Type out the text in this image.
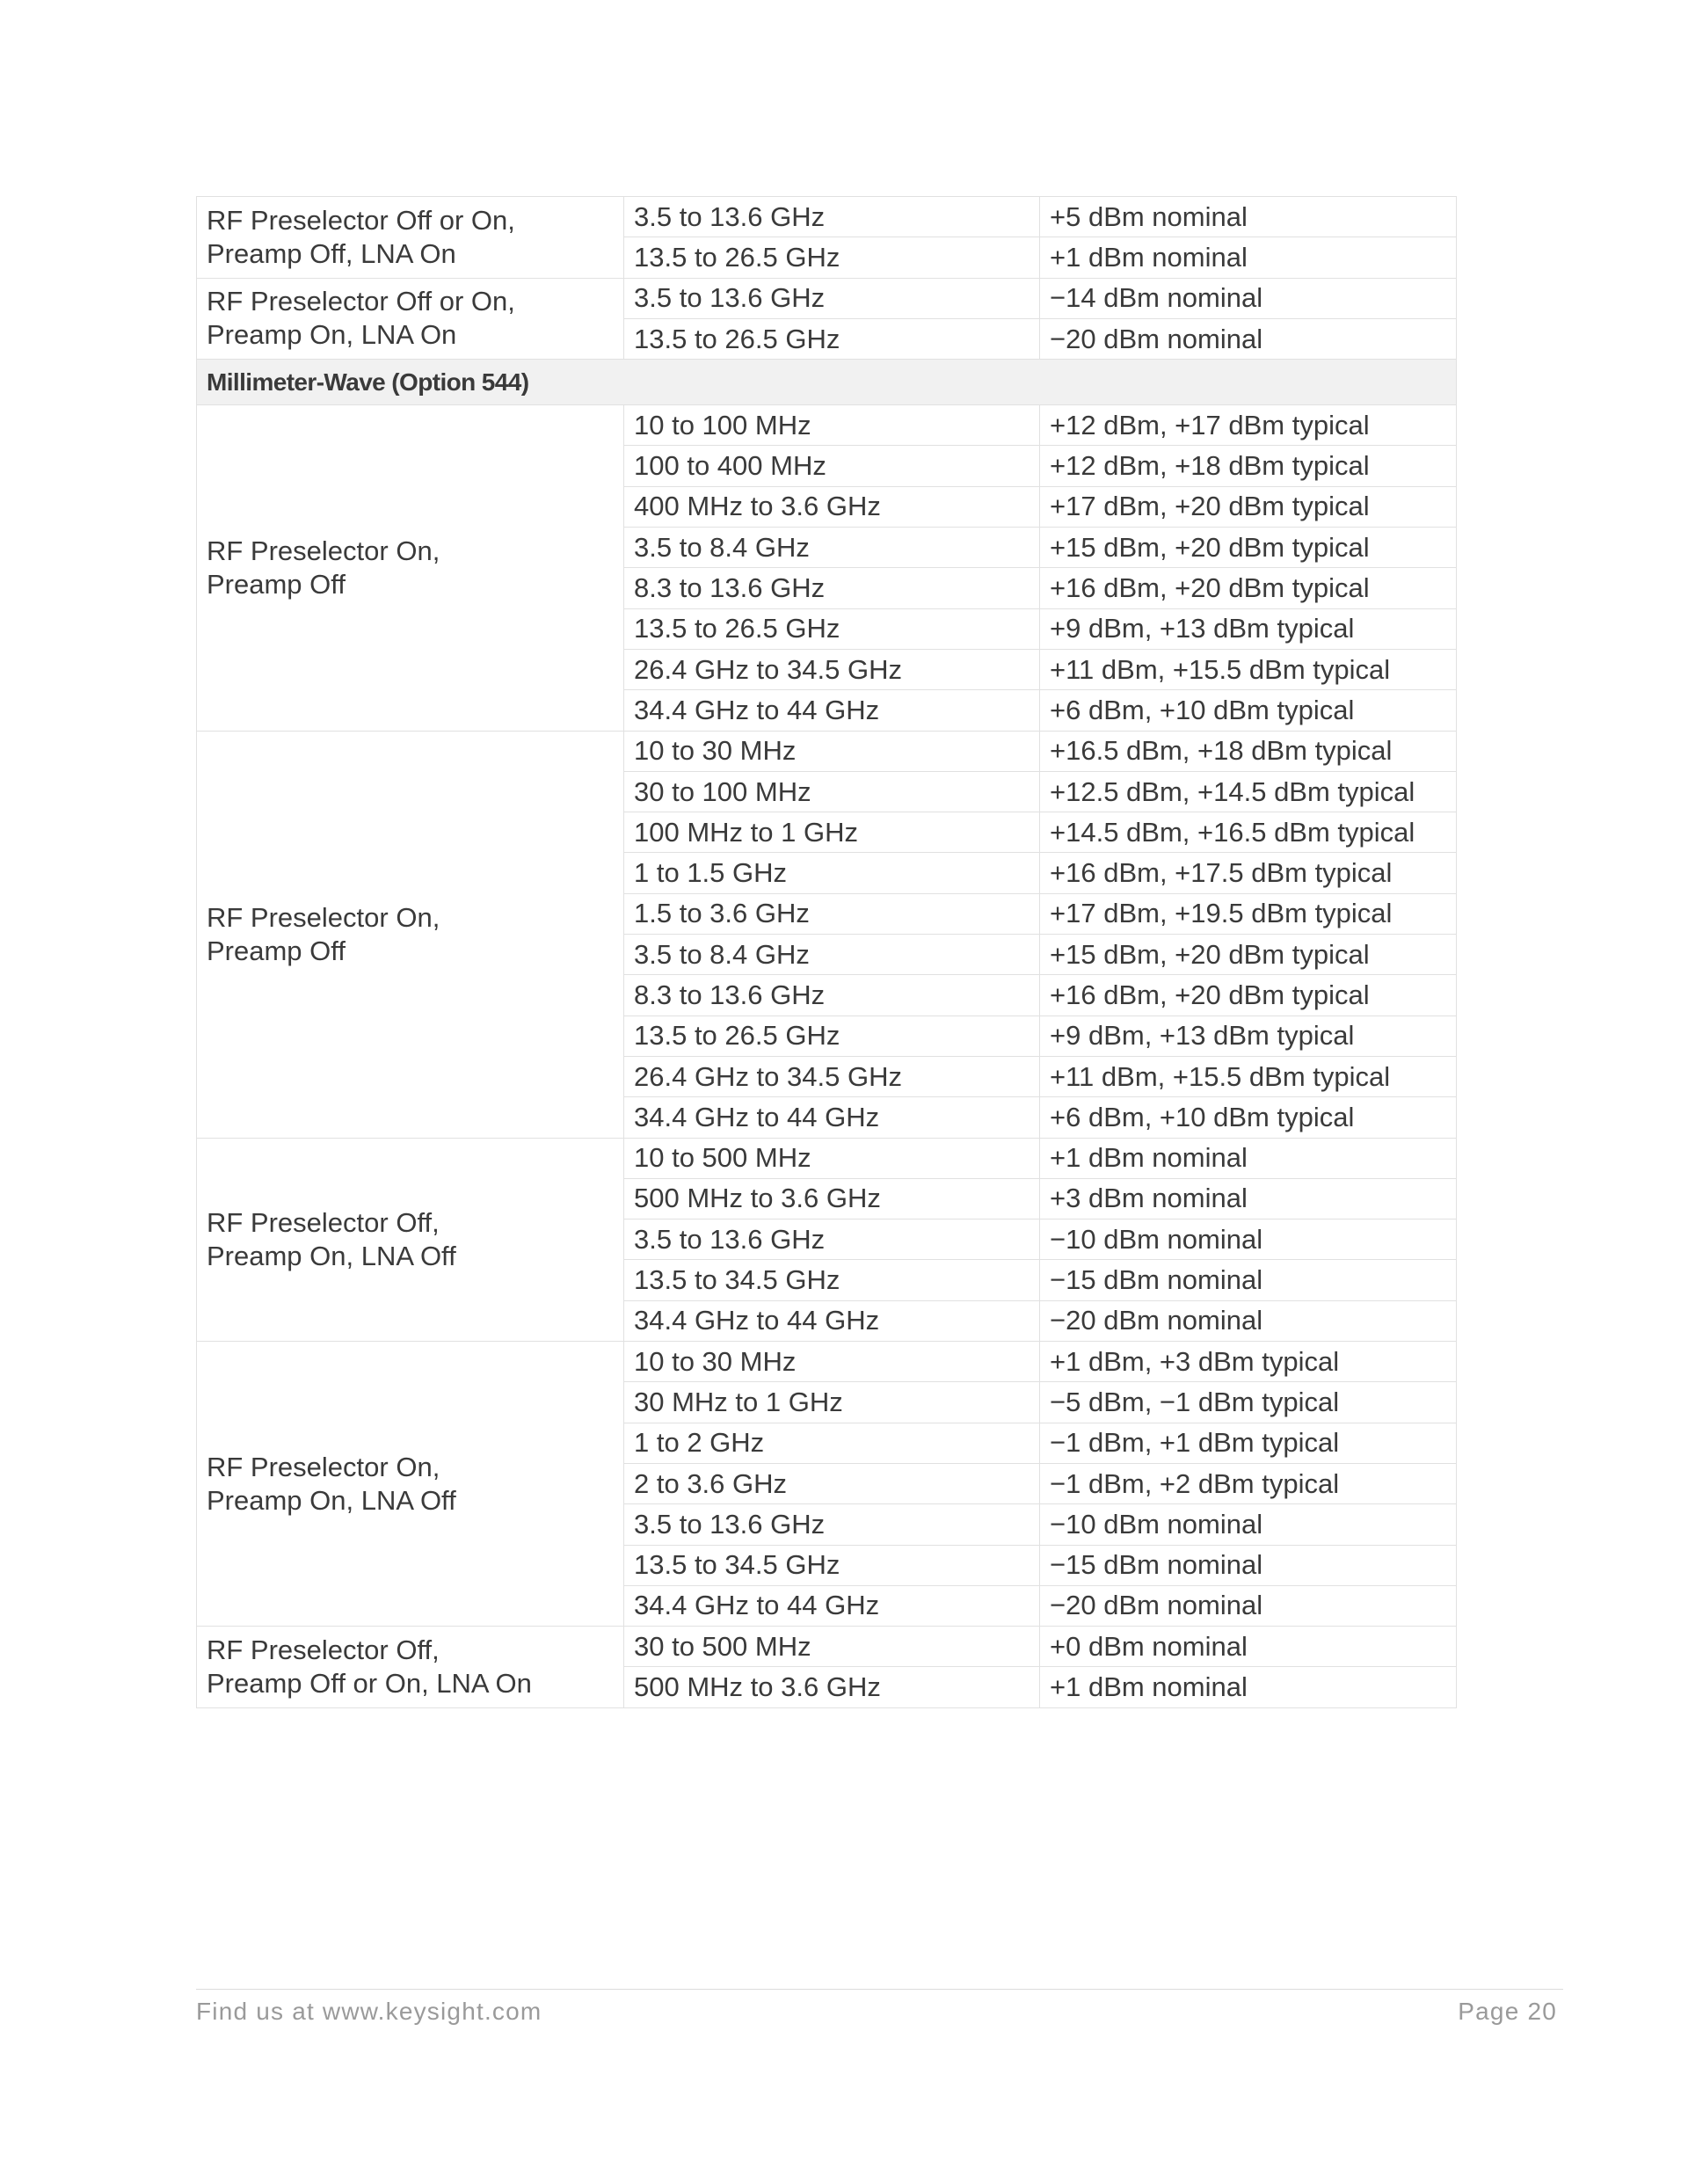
RF Preselector Off or On,
Preamp Off, LNA On	3.5 to 13.6 GHz	+5 dBm nominal
	13.5 to 26.5 GHz	+1 dBm nominal

RF Preselector Off or On,
Preamp On, LNA On	3.5 to 13.6 GHz	−14 dBm nominal
	13.5 to 26.5 GHz	−20 dBm nominal
Millimeter-Wave (Option 544)		

RF Preselector On,
Preamp Off	10 to 100 MHz	+12 dBm, +17 dBm typical
	100 to 400 MHz	+12 dBm, +18 dBm typical
	400 MHz to 3.6 GHz	+17 dBm, +20 dBm typical
	3.5 to 8.4 GHz	+15 dBm, +20 dBm typical
	8.3 to 13.6 GHz	+16 dBm, +20 dBm typical
	13.5 to 26.5 GHz	+9 dBm, +13 dBm typical
	26.4 GHz to 34.5 GHz	+11 dBm, +15.5 dBm typical
	34.4 GHz to 44 GHz	+6 dBm, +10 dBm typical

RF Preselector On,
Preamp Off	10 to 30 MHz	+16.5 dBm, +18 dBm typical
	30 to 100 MHz	+12.5 dBm, +14.5 dBm typical
	100 MHz to 1 GHz	+14.5 dBm, +16.5 dBm typical
	1 to 1.5 GHz	+16 dBm, +17.5 dBm typical
	1.5 to 3.6 GHz	+17 dBm, +19.5 dBm typical
	3.5 to 8.4 GHz	+15 dBm, +20 dBm typical
	8.3 to 13.6 GHz	+16 dBm, +20 dBm typical
	13.5 to 26.5 GHz	+9 dBm, +13 dBm typical
	26.4 GHz to 34.5 GHz	+11 dBm, +15.5 dBm typical
	34.4 GHz to 44 GHz	+6 dBm, +10 dBm typical

RF Preselector Off,
Preamp On, LNA Off	10 to 500 MHz	+1 dBm nominal
	500 MHz to 3.6 GHz	+3 dBm nominal
	3.5 to 13.6 GHz	−10 dBm nominal
	13.5 to 34.5 GHz	−15 dBm nominal
	34.4 GHz to 44 GHz	−20 dBm nominal

RF Preselector On,
Preamp On, LNA Off	10 to 30 MHz	+1 dBm, +3 dBm typical
	30 MHz to 1 GHz	−5 dBm, −1 dBm typical
	1 to 2 GHz	−1 dBm, +1 dBm typical
	2 to 3.6 GHz	−1 dBm, +2 dBm typical
	3.5 to 13.6 GHz	−10 dBm nominal
	13.5 to 34.5 GHz	−15 dBm nominal
	34.4 GHz to 44 GHz	−20 dBm nominal

RF Preselector Off,
Preamp Off or On, LNA On	30 to 500 MHz	+0 dBm nominal
	500 MHz to 3.6 GHz	+1 dBm nominal
Find us at www.keysight.com	Page 20
